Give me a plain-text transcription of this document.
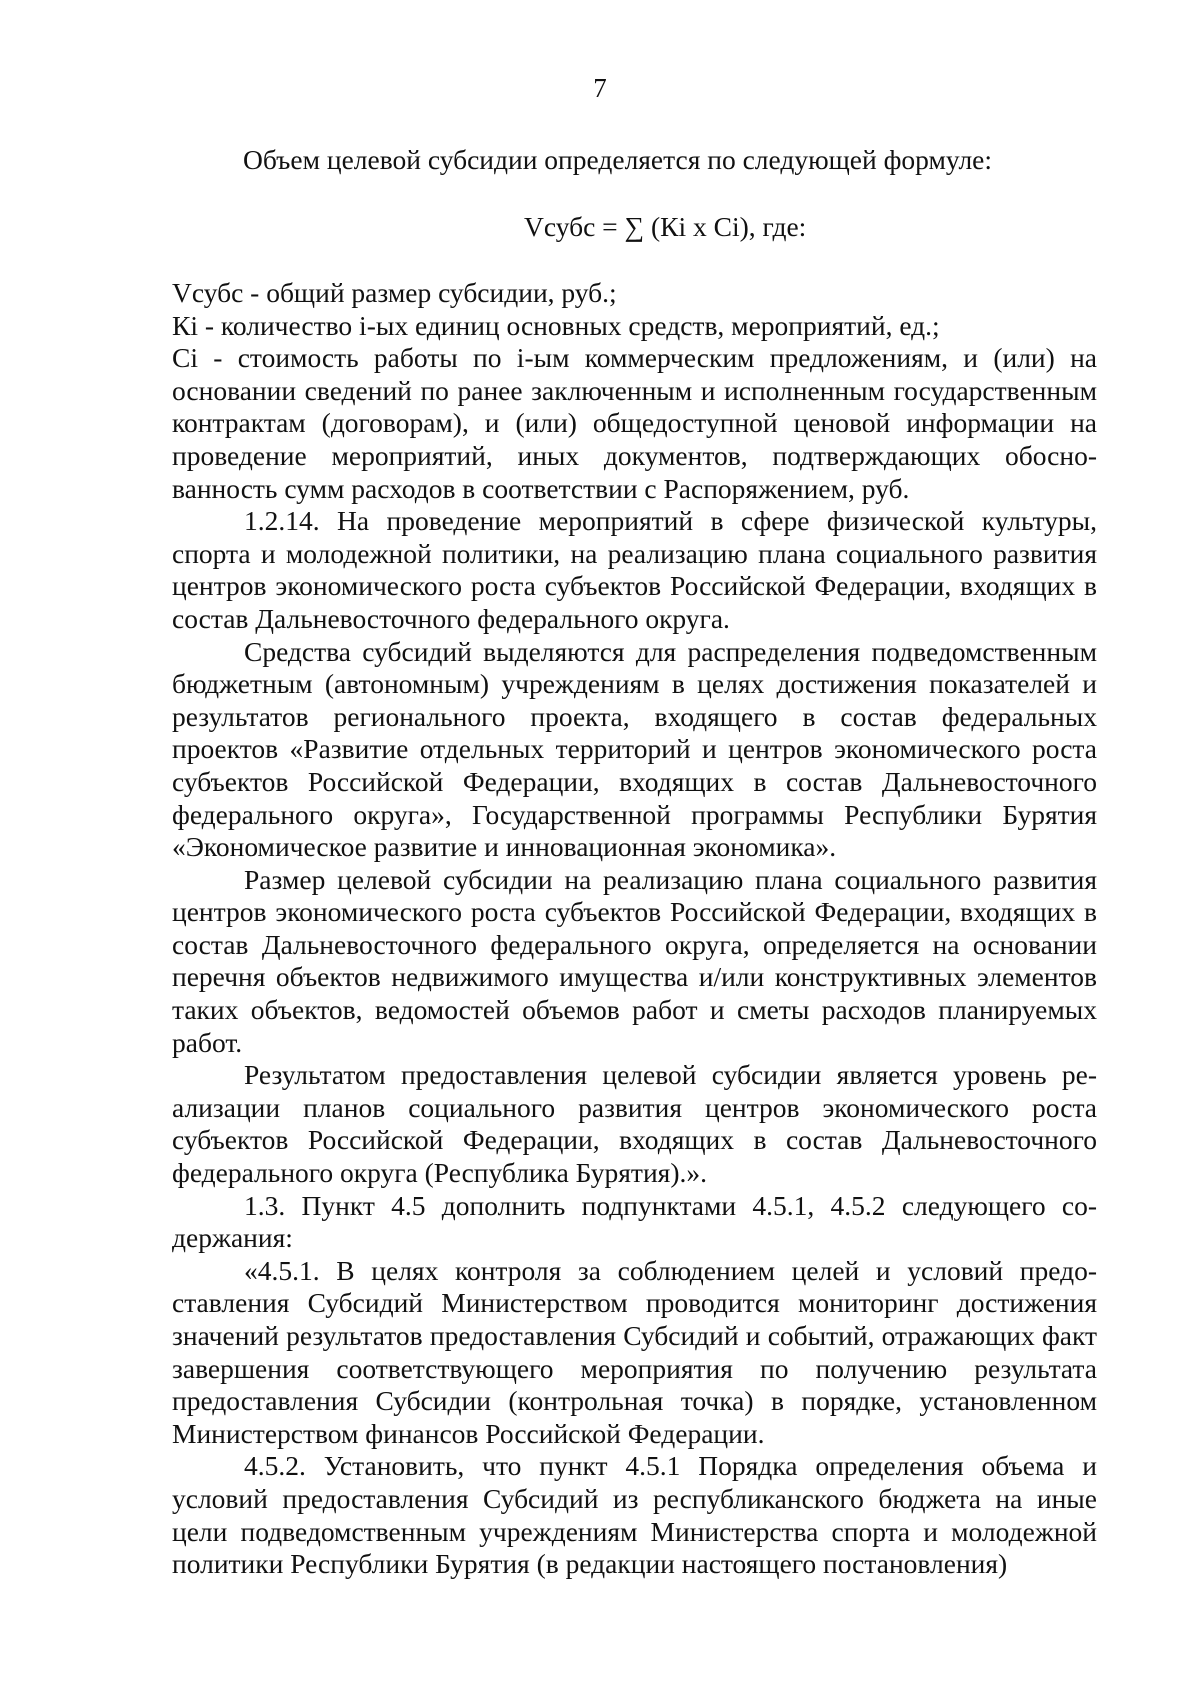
7
Объем целевой субсидии определяется по следующей формуле:
Vсубс = ∑ (Кi x Ci), где:

Vсубс - общий размер субсидии, руб.;

Кi - количество i-ых единиц основных средств, мероприятий, ед.;

Ci - стоимость работы по i-ым коммерческим предложениям, и (или) на основании сведений по ранее заключенным и исполненным государственным контрактам (договорам), и (или) общедоступной ценовой информации на проведение мероприятий, иных документов, подтверждающих обоснованность сумм расходов в соответствии с Распоряжением, руб.

1.2.14. На проведение мероприятий в сфере физической культуры, спорта и молодежной политики, на реализацию плана социального развития центров экономического роста субъектов Российской Федерации, входящих в состав Дальневосточного федерального округа.

Средства субсидий выделяются для распределения подведомственным бюджетным (автономным) учреждениям в целях достижения показателей и результатов регионального проекта, входящего в состав федеральных проектов «Развитие отдельных территорий и центров экономического роста субъектов Российской Федерации, входящих в состав Дальневосточного федерального округа», Государственной программы Республики Бурятия «Экономическое развитие и инновационная экономика».

Размер целевой субсидии на реализацию плана социального развития центров экономического роста субъектов Российской Федерации, входящих в состав Дальневосточного федерального округа, определяется на основании перечня объектов недвижимого имущества и/или конструктивных элементов таких объектов, ведомостей объемов работ и сметы расходов планируемых работ.

Результатом предоставления целевой субсидии является уровень реализации планов социального развития центров экономического роста субъектов Российской Федерации, входящих в состав Дальневосточного федерального округа (Республика Бурятия).».

1.3. Пункт 4.5 дополнить подпунктами 4.5.1, 4.5.2 следующего содержания:

«4.5.1. В целях контроля за соблюдением целей и условий предоставления Субсидий Министерством проводится мониторинг достижения значений результатов предоставления Субсидий и событий, отражающих факт завершения соответствующего мероприятия по получению результата предоставления Субсидии (контрольная точка) в порядке, установленном Министерством финансов Российской Федерации.

4.5.2. Установить, что пункт 4.5.1 Порядка определения объема и условий предоставления Субсидий из республиканского бюджета на иные цели подведомственным учреждениям Министерства спорта и молодежной политики Республики Бурятия (в редакции настоящего постановления)
